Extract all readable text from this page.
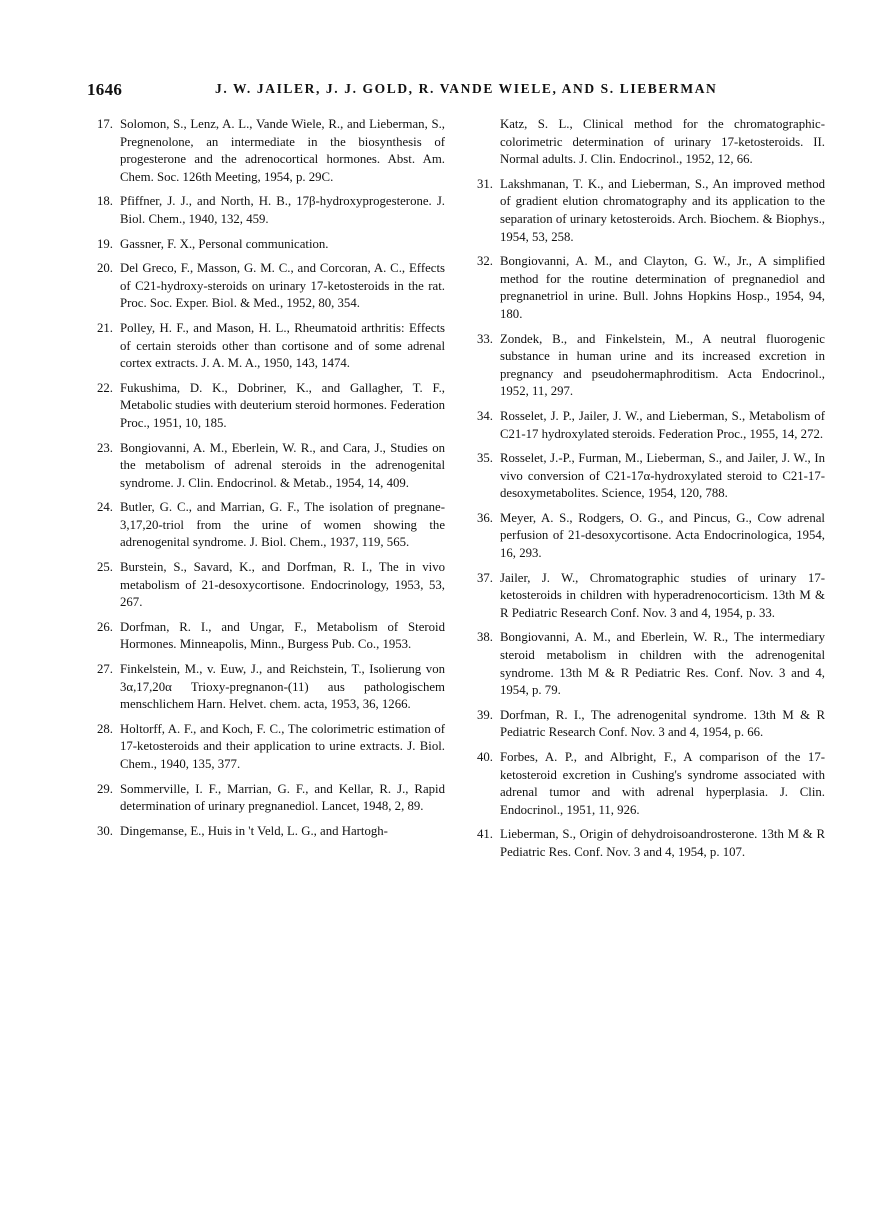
1646	J. W. JAILER, J. J. GOLD, R. VANDE WIELE, AND S. LIEBERMAN
17. Solomon, S., Lenz, A. L., Vande Wiele, R., and Lieberman, S., Pregnenolone, an intermediate in the biosynthesis of progesterone and the adrenocortical hormones. Abst. Am. Chem. Soc. 126th Meeting, 1954, p. 29C.
18. Pfiffner, J. J., and North, H. B., 17β-hydroxyprogesterone. J. Biol. Chem., 1940, 132, 459.
19. Gassner, F. X., Personal communication.
20. Del Greco, F., Masson, G. M. C., and Corcoran, A. C., Effects of C21-hydroxy-steroids on urinary 17-ketosteroids in the rat. Proc. Soc. Exper. Biol. & Med., 1952, 80, 354.
21. Polley, H. F., and Mason, H. L., Rheumatoid arthritis: Effects of certain steroids other than cortisone and of some adrenal cortex extracts. J. A. M. A., 1950, 143, 1474.
22. Fukushima, D. K., Dobriner, K., and Gallagher, T. F., Metabolic studies with deuterium steroid hormones. Federation Proc., 1951, 10, 185.
23. Bongiovanni, A. M., Eberlein, W. R., and Cara, J., Studies on the metabolism of adrenal steroids in the adrenogenital syndrome. J. Clin. Endocrinol. & Metab., 1954, 14, 409.
24. Butler, G. C., and Marrian, G. F., The isolation of pregnane-3,17,20-triol from the urine of women showing the adrenogenital syndrome. J. Biol. Chem., 1937, 119, 565.
25. Burstein, S., Savard, K., and Dorfman, R. I., The in vivo metabolism of 21-desoxycortisone. Endocrinology, 1953, 53, 267.
26. Dorfman, R. I., and Ungar, F., Metabolism of Steroid Hormones. Minneapolis, Minn., Burgess Pub. Co., 1953.
27. Finkelstein, M., v. Euw, J., and Reichstein, T., Isolierung von 3α,17,20α Trioxy-pregnanon-(11) aus pathologischem menschlichem Harn. Helvet. chem. acta, 1953, 36, 1266.
28. Holtorff, A. F., and Koch, F. C., The colorimetric estimation of 17-ketosteroids and their application to urine extracts. J. Biol. Chem., 1940, 135, 377.
29. Sommerville, I. F., Marrian, G. F., and Kellar, R. J., Rapid determination of urinary pregnanediol. Lancet, 1948, 2, 89.
30. Dingemanse, E., Huis in 't Veld, L. G., and Hartogh-
Katz, S. L., Clinical method for the chromatographic-colorimetric determination of urinary 17-ketosteroids. II. Normal adults. J. Clin. Endocrinol., 1952, 12, 66.
31. Lakshmanan, T. K., and Lieberman, S., An improved method of gradient elution chromatography and its application to the separation of urinary ketosteroids. Arch. Biochem. & Biophys., 1954, 53, 258.
32. Bongiovanni, A. M., and Clayton, G. W., Jr., A simplified method for the routine determination of pregnanediol and pregnanetriol in urine. Bull. Johns Hopkins Hosp., 1954, 94, 180.
33. Zondek, B., and Finkelstein, M., A neutral fluorogenic substance in human urine and its increased excretion in pregnancy and pseudohermaphroditism. Acta Endocrinol., 1952, 11, 297.
34. Rosselet, J. P., Jailer, J. W., and Lieberman, S., Metabolism of C21-17 hydroxylated steroids. Federation Proc., 1955, 14, 272.
35. Rosselet, J.-P., Furman, M., Lieberman, S., and Jailer, J. W., In vivo conversion of C21-17α-hydroxylated steroid to C21-17-desoxymetabolites. Science, 1954, 120, 788.
36. Meyer, A. S., Rodgers, O. G., and Pincus, G., Cow adrenal perfusion of 21-desoxycortisone. Acta Endocrinologica, 1954, 16, 293.
37. Jailer, J. W., Chromatographic studies of urinary 17-ketosteroids in children with hyperadrenocorticism. 13th M & R Pediatric Research Conf. Nov. 3 and 4, 1954, p. 33.
38. Bongiovanni, A. M., and Eberlein, W. R., The intermediary steroid metabolism in children with the adrenogenital syndrome. 13th M & R Pediatric Res. Conf. Nov. 3 and 4, 1954, p. 79.
39. Dorfman, R. I., The adrenogenital syndrome. 13th M & R Pediatric Research Conf. Nov. 3 and 4, 1954, p. 66.
40. Forbes, A. P., and Albright, F., A comparison of the 17-ketosteroid excretion in Cushing's syndrome associated with adrenal tumor and with adrenal hyperplasia. J. Clin. Endocrinol., 1951, 11, 926.
41. Lieberman, S., Origin of dehydroisoandrosterone. 13th M & R Pediatric Res. Conf. Nov. 3 and 4, 1954, p. 107.
